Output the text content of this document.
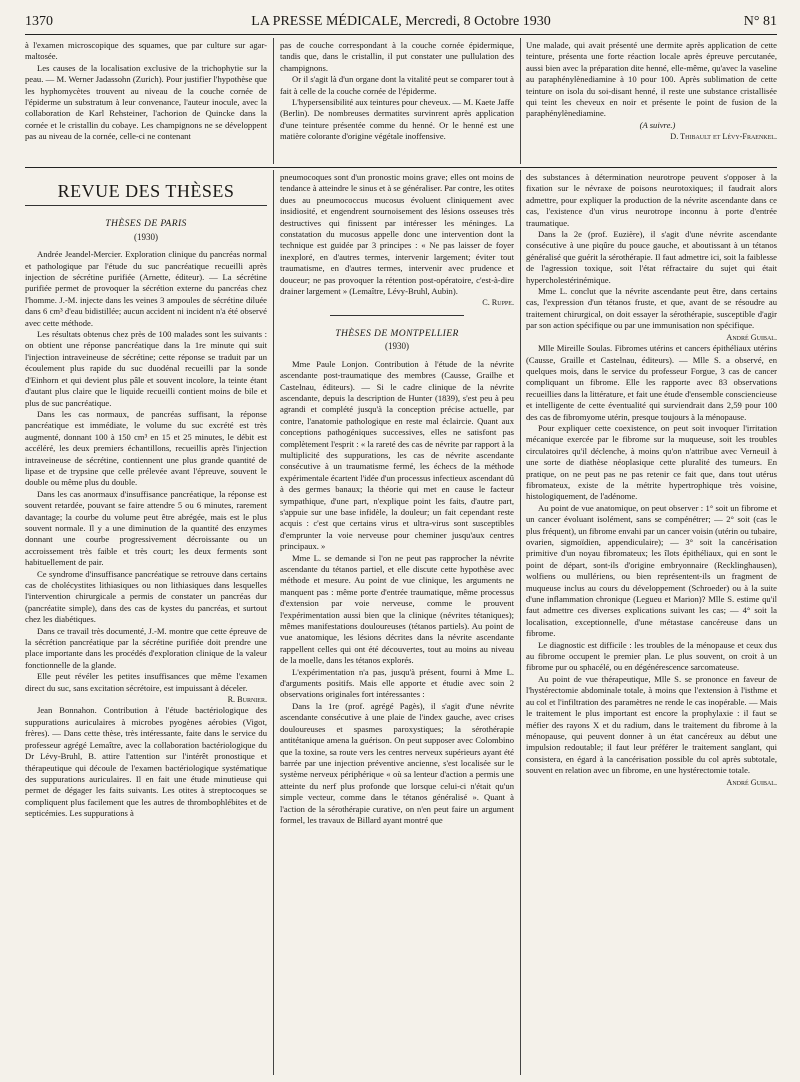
1370	LA PRESSE MÉDICALE, Mercredi, 8 Octobre 1930	N° 81

à l'examen microscopique des squames, que par culture sur agar-maltosée.

Les causes de la localisation exclusive de la trichophytie sur la peau. — M. Werner Jadassohn (Zurich). Pour justifier l'hypothèse que les hyphomycètes trouvent au niveau de la couche cornée de l'épiderme un substratum à leur convenance, l'auteur inocule, avec la collaboration de Karl Rehsteiner, l'achorion de Quincke dans la cornée et le cristallin du cobaye. Les champignons ne se développent pas au niveau de la cornée, celle-ci ne contenant

pas de couche correspondant à la couche cornée épidermique, tandis que, dans le cristallin, il put constater une pullulation des champignons.

Or il s'agit là d'un organe dont la vitalité peut se comparer tout à fait à celle de la couche cornée de l'épiderme.

L'hypersensibilité aux teintures pour cheveux. — M. Kaete Jaffe (Berlin). De nombreuses dermatites survinrent après application d'une teinture présentée comme du henné. Or le henné est une matière colorante d'origine végétale inoffensive.

Une malade, qui avait présenté une dermite après application de cette teinture, présenta une forte réaction locale après épreuve percutanée, aussi bien avec la préparation dite henné, elle-même, qu'avec la vaseline au paraphénylènediamine à 10 pour 100. Après sublimation de cette teinture on isola du soi-disant henné, il reste une substance cristallisée qui teint les cheveux en noir et présente le point de fusion de la paraphénylènediamine.

(A suivre.)

D. Thibault et Lévy-Fraenkel.

REVUE DES THÈSES
THÈSES DE PARIS
(1930)

Andrée Jeandel-Mercier. Exploration clinique du pancréas normal et pathologique par l'étude du suc pancréatique recueilli après injection de sécrétine purifiée (Arnette, éditeur). — La sécrétine purifiée permet de provoquer la sécrétion externe du pancréas chez l'homme. J.-M. injecte dans les veines 3 ampoules de sécrétine diluée dans 6 cm³ d'eau bidistillée; aucun accident ni incident n'a été observé avec cette méthode.

Les résultats obtenus chez près de 100 malades sont les suivants : on obtient une réponse pancréatique dans la 1re minute qui suit l'injection intraveineuse de sécrétine; cette réponse se traduit par un écoulement plus rapide du suc duodénal recueilli par la sonde d'Einhorn et qui devient plus pâle et souvent incolore, la teinte étant d'autant plus claire que le liquide recueilli contient moins de bile et plus de suc pancréatique.

Dans les cas normaux, de pancréas suffisant, la réponse pancréatique est immédiate, le volume du suc excrété est très augmenté, donnant 100 à 150 cm³ en 15 et 25 minutes, le débit est accéléré, les deux premiers échantillons, recueillis après l'injection intraveineuse de sécrétine, contiennent une plus grande quantité de lipase et de trypsine que celle prélevée avant l'épreuve, souvent le double ou même plus du double.

Dans les cas anormaux d'insuffisance pancréatique, la réponse est souvent retardée, pouvant se faire attendre 5 ou 6 minutes, rarement davantage; la courbe du volume peut être abrégée, mais est le plus souvent normale. Il y a une diminution de la quantité des enzymes donnant une courbe progressivement décroissante ou un accroissement très faible et très court; les deux ferments sont habituellement de pair.

Ce syndrome d'insuffisance pancréatique se retrouve dans certains cas de cholécystites lithiasiques ou non lithiasiques dans lesquelles l'intervention chirurgicale a permis de constater un pancréas dur (pancréatite simple), dans des cas de kystes du pancréas, et surtout chez les diabétiques.

Dans ce travail très documenté, J.-M. montre que cette épreuve de la sécrétion pancréatique par la sécrétine purifiée doit prendre une place importante dans les procédés d'exploration clinique de la valeur fonctionnelle de la glande.

Elle peut révéler les petites insuffisances que même l'examen direct du suc, sans excitation sécrétoire, est impuissant à déceler.

R. Burnier.

Jean Bonnahon. Contribution à l'étude bactériologique des suppurations auriculaires à microbes pyogènes aérobies (Vigot, frères). — Dans cette thèse, très intéressante, faite dans le service du professeur agrégé Lemaître, avec la collaboration bactériologique du Dr Lévy-Bruhl, B. attire l'attention sur l'intérêt pronostique et thérapeutique qui découle de l'examen bactériologique systématique des suppurations auriculaires. Il en fait une étude minutieuse qui permet de dégager les faits suivants. Les otites à streptocoques se compliquent plus facilement que les autres de thrombophlébites et de septicémies. Les suppurations à

pneumocoques sont d'un pronostic moins grave; elles ont moins de tendance à atteindre le sinus et à se généraliser. Par contre, les otites dues au pneumococcus mucosus évoluent cliniquement avec insidiosité, et engendrent sournoisement des lésions osseuses très destructives qui finissent par intéresser les méninges. La constatation du mucosus appelle donc une intervention dont la technique est guidée par 3 principes : « Ne pas laisser de foyer inexploré, en d'autres termes, intervenir largement; éviter tout traumatisme, en d'autres termes, intervenir avec prudence et douceur; ne pas provoquer la rétention post-opératoire, c'est-à-dire drainer largement » (Lemaître, Lévy-Bruhl, Aubin).

C. Ruppe.

THÈSES DE MONTPELLIER
(1930)

Mme Paule Lonjon. Contribution à l'étude de la névrite ascendante post-traumatique des membres (Causse, Grailhe et Castelnau, éditeurs). — Si le cadre clinique de la névrite ascendante, depuis la description de Hunter (1839), s'est peu à peu agrandi et complété jusqu'à la conception précise actuelle, par contre, l'anatomie pathologique en reste mal éclaircie. Quant aux conceptions pathogéniques successives, elles ne satisfont pas complètement l'esprit : « la rareté des cas de névrite par rapport à la multiplicité des suppurations, les cas de névrite ascendante consécutive à un traumatisme fermé, les échecs de la méthode expérimentale écartent l'idée d'un processus infectieux ascendant dû à des germes banaux; la théorie qui met en cause le facteur sympathique, d'une part, n'explique point les faits, d'autre part, s'appuie sur une base infidèle, la douleur; un fait cependant reste acquis : c'est que certains virus et ultra-virus sont susceptibles d'emprunter la voie nerveuse pour cheminer jusqu'aux centres principaux. »

Mme L. se demande si l'on ne peut pas rapprocher la névrite ascendante du tétanos partiel, et elle discute cette hypothèse avec méthode et mesure. Au point de vue clinique, les arguments ne manquent pas : même porte d'entrée traumatique, même processus d'extension par voie nerveuse, comme le prouvent l'expérimentation aussi bien que la clinique (névrites tétaniques); mêmes manifestations douloureuses (tétanos partiels). Au point de vue anatomique, les lésions décrites dans la névrite ascendante rappellent celles qui ont été découvertes, tout au moins au niveau de la moelle, dans les tétanos explorés.

L'expérimentation n'a pas, jusqu'à présent, fourni à Mme L. d'arguments positifs. Mais elle apporte et étudie avec soin 2 observations originales fort intéressantes :

Dans la 1re (prof. agrégé Pagès), il s'agit d'une névrite ascendante consécutive à une plaie de l'index gauche, avec crises douloureuses et spasmes paroxystiques; la sérothérapie antitétanique amena la guérison. On peut supposer avec Colombino que la toxine, sa route vers les centres nerveux supérieurs ayant été barrée par une injection préventive ancienne, s'est localisée sur le système nerveux périphérique « où sa lenteur d'action a permis une atteinte du nerf plus profonde que lorsque celui-ci n'était qu'un simple vecteur, comme dans le tétanos généralisé ». Quant à l'action de la sérothérapie curative, on n'en peut faire un argument formel, les travaux de Billard ayant montré que

des substances à détermination neurotrope peuvent s'opposer à la fixation sur le névraxe de poisons neurotoxiques; il faudrait alors admettre, pour expliquer la production de la névrite ascendante dans ce cas, l'existence d'un virus neurotrope inconnu à porte d'entrée traumatique.

Dans la 2e (prof. Euzière), il s'agit d'une névrite ascendante consécutive à une piqûre du pouce gauche, et aboutissant à un tétanos généralisé que guérit la sérothérapie. Il faut admettre ici, soit la faiblesse de l'agression toxique, soit l'état réfractaire du sujet qui était hypercholestérinémique.

Mme L. conclut que la névrite ascendante peut être, dans certains cas, l'expression d'un tétanos fruste, et que, avant de se résoudre au traitement chirurgical, on doit essayer la sérothérapie, susceptible d'agir par son action spécifique ou par une immunisation non spécifique.

André Guibal.

Mlle Mireille Soulas. Fibromes utérins et cancers épithéliaux utérins (Causse, Graille et Castelnau, éditeurs). — Mlle S. a observé, en quelques mois, dans le service du professeur Forgue, 3 cas de cancer compliquant un fibrome. Elle les rapporte avec 83 observations recueillies dans la littérature, et fait une étude d'ensemble consciencieuse et intelligente de cette éventualité qui surviendrait dans 2,59 pour 100 des cas de fibromyome utérin, presque toujours à la ménopause.

Pour expliquer cette coexistence, on peut soit invoquer l'irritation mécanique exercée par le fibrome sur la muqueuse, soit les troubles circulatoires qu'il déclenche, à moins qu'on n'attribue avec Verneuil à une sorte de diathèse néoplasique cette pluralité des tumeurs. En pratique, on ne peut pas ne pas retenir ce fait que, dans tout utérus fibromateux, existe de la métrite hypertrophique très voisine, histologiquement, de l'adénome.

Au point de vue anatomique, on peut observer : 1° soit un fibrome et un cancer évoluant isolément, sans se compénétrer; — 2° soit (cas le plus fréquent), un fibrome envahi par un cancer voisin (utérin ou tubaire, ovarien, sigmoïdien, appendiculaire); — 3° soit la cancérisation primitive d'un noyau fibromateux; les îlots épithéliaux, qui en sont le point de départ, sont-ils d'origine embryonnaire (Recklinghausen), wolfiens ou mullériens, ou bien représentent-ils un fragment de muqueuse inclus au cours du développement (Schroeder) ou à la suite d'une inflammation chronique (Legueu et Marion)? Mlle S. estime qu'il faut admettre ces diverses explications suivant les cas; — 4° soit la localisation, exceptionnelle, d'une métastase cancéreuse dans un fibrome.

Le diagnostic est difficile : les troubles de la ménopause et ceux dus au fibrome occupent le premier plan. Le plus souvent, on croit à un fibrome pur ou sphacélé, ou en dégénérescence sarcomateuse.

Au point de vue thérapeutique, Mlle S. se prononce en faveur de l'hystérectomie abdominale totale, à moins que l'extension à l'isthme et au col et l'infiltration des paramètres ne rende le cas inopérable. — Mais le traitement le plus important est encore la prophylaxie : il faut se méfier des rayons X et du radium, dans le traitement du fibrome à la ménopause, qui peuvent donner à un état cancéreux au début une impulsion redoutable; il faut leur préférer le traitement sanglant, qui consistera, en égard à la cancérisation possible du col après subtotale, souvent en relation avec un fibrome, en une hystérectomie totale.

André Guibal.
